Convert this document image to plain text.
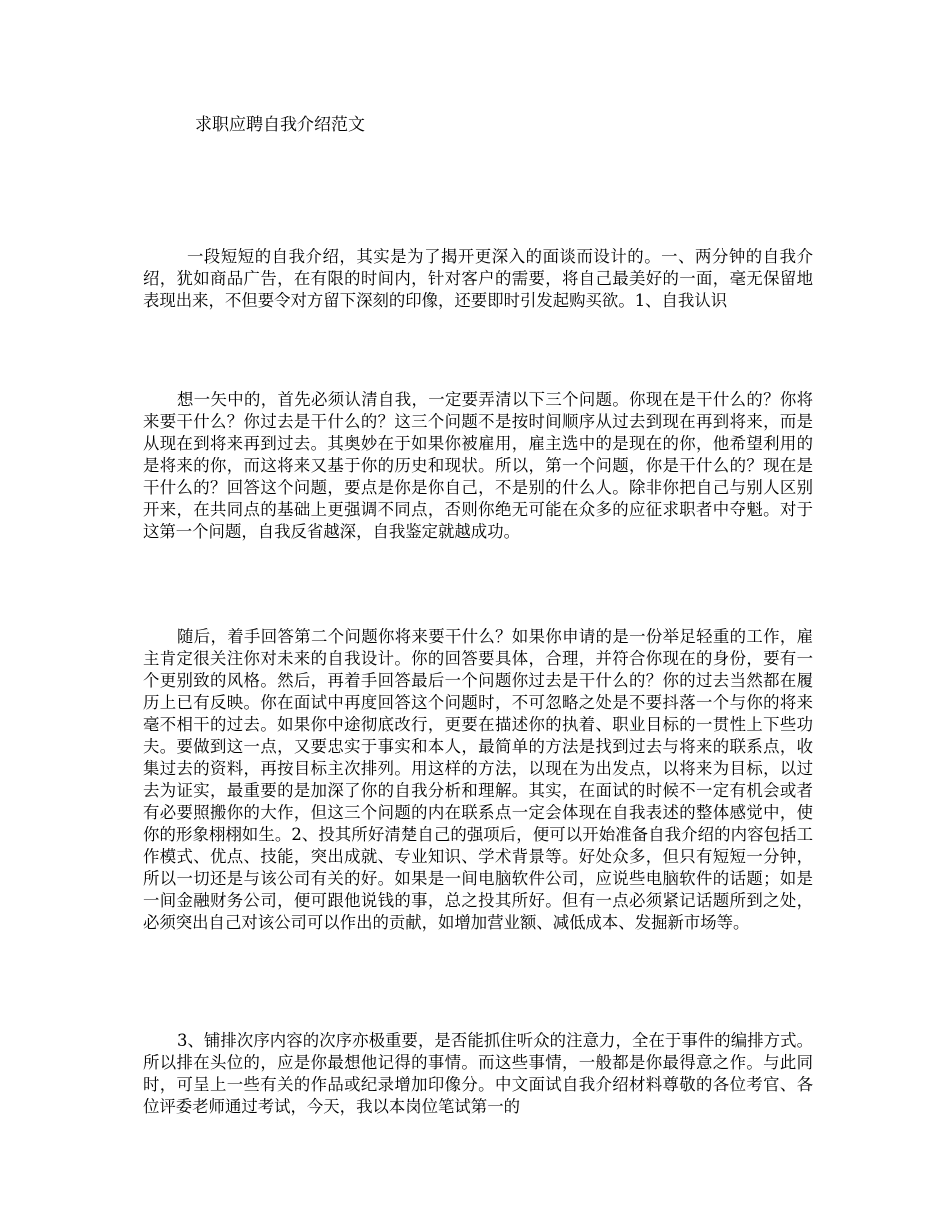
求职应聘自我介绍范文

一段短短的自我介绍，其实是为了揭开更深入的面谈而设计的。一、两分钟的自我介绍，犹如商品广告，在有限的时间内，针对客户的需要，将自己最美好的一面，毫无保留地表现出来，不但要令对方留下深刻的印像，还要即时引发起购买欲。1、自我认识

想一矢中的，首先必须认清自我，一定要弄清以下三个问题。你现在是干什么的？你将来要干什么？你过去是干什么的？这三个问题不是按时间顺序从过去到现在再到将来，而是从现在到将来再到过去。其奥妙在于如果你被雇用，雇主选中的是现在的你，他希望利用的是将来的你，而这将来又基于你的历史和现状。所以，第一个问题，你是干什么的？现在是干什么的？回答这个问题，要点是你是你自己，不是别的什么人。除非你把自己与别人区别开来，在共同点的基础上更强调不同点，否则你绝无可能在众多的应征求职者中夺魁。对于这第一个问题，自我反省越深，自我鉴定就越成功。

随后，着手回答第二个问题你将来要干什么？如果你申请的是一份举足轻重的工作，雇主肯定很关注你对未来的自我设计。你的回答要具体，合理，并符合你现在的身份，要有一个更别致的风格。然后，再着手回答最后一个问题你过去是干什么的？你的过去当然都在履历上已有反映。你在面试中再度回答这个问题时，不可忽略之处是不要抖落一个与你的将来毫不相干的过去。如果你中途彻底改行，更要在描述你的执着、职业目标的一贯性上下些功夫。要做到这一点，又要忠实于事实和本人，最简单的方法是找到过去与将来的联系点，收集过去的资料，再按目标主次排列。用这样的方法，以现在为出发点，以将来为目标，以过去为证实，最重要的是加深了你的自我分析和理解。其实，在面试的时候不一定有机会或者有必要照搬你的大作，但这三个问题的内在联系点一定会体现在自我表述的整体感觉中，使你的形象栩栩如生。2、投其所好清楚自己的强项后，便可以开始准备自我介绍的内容包括工作模式、优点、技能，突出成就、专业知识、学术背景等。好处众多，但只有短短一分钟，所以一切还是与该公司有关的好。如果是一间电脑软件公司，应说些电脑软件的话题；如是一间金融财务公司，便可跟他说钱的事，总之投其所好。但有一点必须紧记话题所到之处，必须突出自己对该公司可以作出的贡献，如增加营业额、减低成本、发掘新市场等。

3、铺排次序内容的次序亦极重要，是否能抓住听众的注意力，全在于事件的编排方式。所以排在头位的，应是你最想他记得的事情。而这些事情，一般都是你最得意之作。与此同时，可呈上一些有关的作品或纪录增加印像分。中文面试自我介绍材料尊敬的各位考官、各位评委老师通过考试，今天，我以本岗位笔试第一的
